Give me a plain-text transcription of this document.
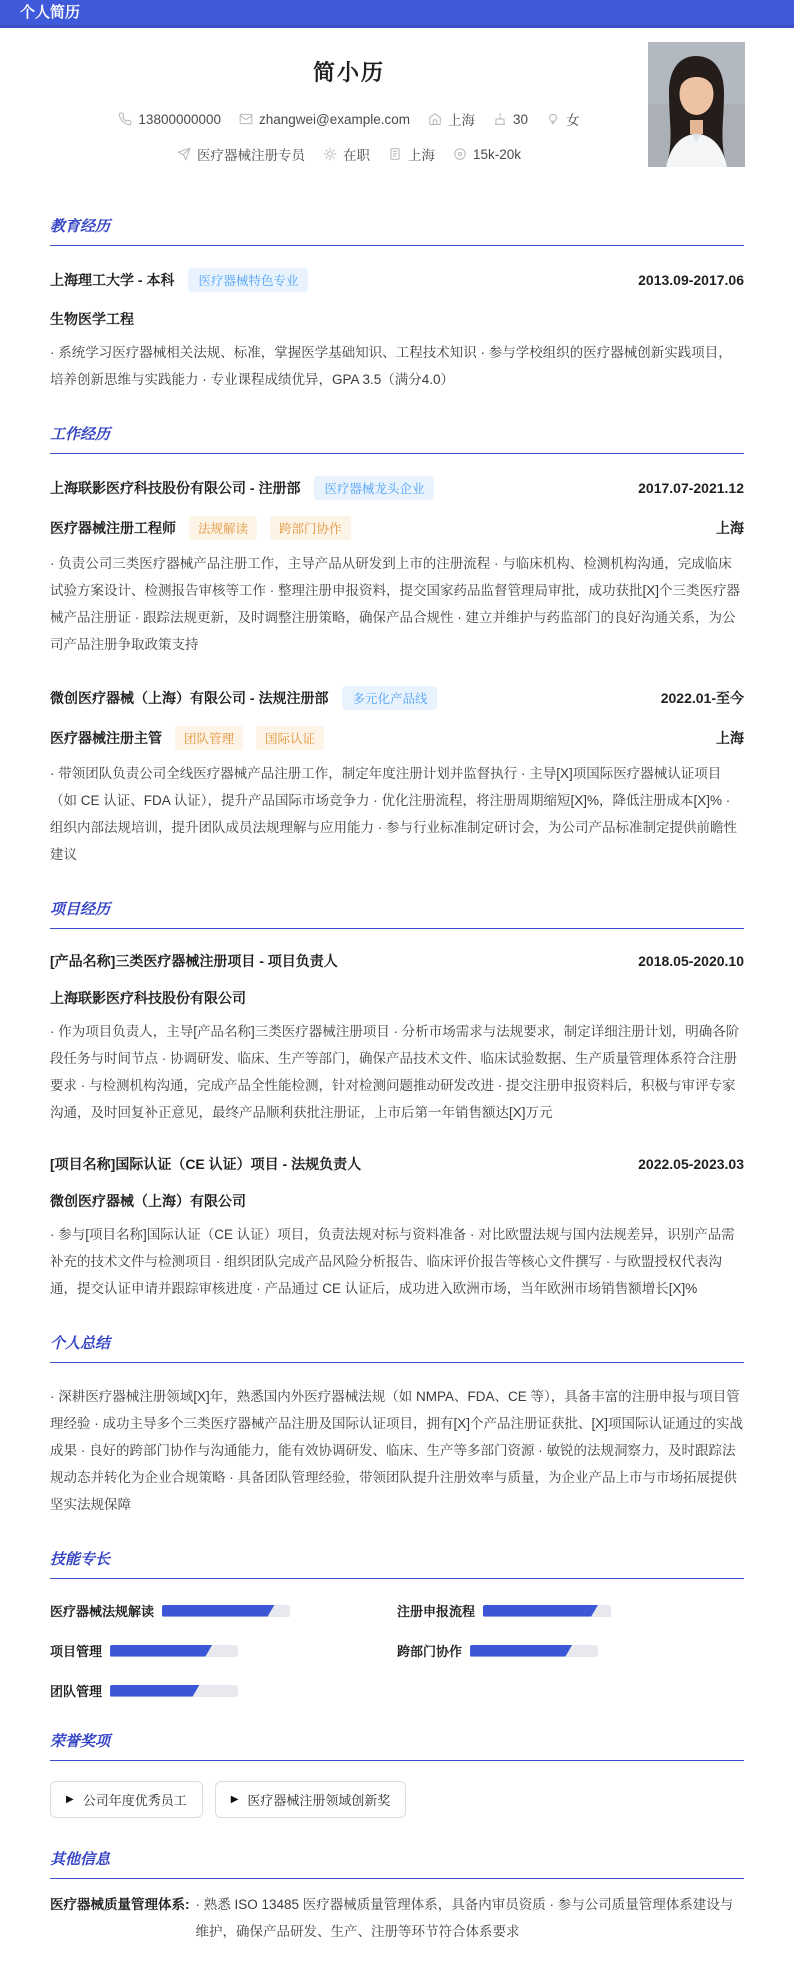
个人简历
简小历
13800000000	zhangwei@example.com	上海	30	女
医疗器械注册专员	在职	上海	15k-20k
教育经历
上海理工大学 - 本科	医疗器械特色专业	2013.09-2017.06
生物医学工程

· 系统学习医疗器械相关法规、标准，掌握医学基础知识、工程技术知识 · 参与学校组织的医疗器械创新实践项目，培养创新思维与实践能力 · 专业课程成绩优异，GPA 3.5（满分4.0）

工作经历
上海联影医疗科技股份有限公司 - 注册部	医疗器械龙头企业	2017.07-2021.12
医疗器械注册工程师	法规解读	跨部门协作	上海

· 负责公司三类医疗器械产品注册工作，主导产品从研发到上市的注册流程 · 与临床机构、检测机构沟通，完成临床试验方案设计、检测报告审核等工作 · 整理注册申报资料，提交国家药品监督管理局审批，成功获批[X]个三类医疗器械产品注册证 · 跟踪法规更新，及时调整注册策略，确保产品合规性 · 建立并维护与药监部门的良好沟通关系，为公司产品注册争取政策支持

微创医疗器械（上海）有限公司 - 法规注册部	多元化产品线	2022.01-至今
医疗器械注册主管	团队管理	国际认证	上海

· 带领团队负责公司全线医疗器械产品注册工作，制定年度注册计划并监督执行 · 主导[X]项国际医疗器械认证项目（如 CE 认证、FDA 认证），提升产品国际市场竞争力 · 优化注册流程，将注册周期缩短[X]%，降低注册成本[X]% · 组织内部法规培训，提升团队成员法规理解与应用能力 · 参与行业标准制定研讨会，为公司产品标准制定提供前瞻性建议

项目经历
[产品名称]三类医疗器械注册项目 - 项目负责人	2018.05-2020.10
上海联影医疗科技股份有限公司

· 作为项目负责人，主导[产品名称]三类医疗器械注册项目 · 分析市场需求与法规要求，制定详细注册计划，明确各阶段任务与时间节点 · 协调研发、临床、生产等部门，确保产品技术文件、临床试验数据、生产质量管理体系符合注册要求 · 与检测机构沟通，完成产品全性能检测，针对检测问题推动研发改进 · 提交注册申报资料后，积极与审评专家沟通，及时回复补正意见，最终产品顺利获批注册证，上市后第一年销售额达[X]万元

[项目名称]国际认证（CE 认证）项目 - 法规负责人	2022.05-2023.03
微创医疗器械（上海）有限公司

· 参与[项目名称]国际认证（CE 认证）项目，负责法规对标与资料准备 · 对比欧盟法规与国内法规差异，识别产品需补充的技术文件与检测项目 · 组织团队完成产品风险分析报告、临床评价报告等核心文件撰写 · 与欧盟授权代表沟通，提交认证申请并跟踪审核进度 · 产品通过 CE 认证后，成功进入欧洲市场，当年欧洲市场销售额增长[X]%

个人总结

· 深耕医疗器械注册领域[X]年，熟悉国内外医疗器械法规（如 NMPA、FDA、CE 等），具备丰富的注册申报与项目管理经验 · 成功主导多个三类医疗器械产品注册及国际认证项目，拥有[X]个产品注册证获批、[X]项国际认证通过的实战成果 · 良好的跨部门协作与沟通能力，能有效协调研发、临床、生产等多部门资源 · 敏锐的法规洞察力，及时跟踪法规动态并转化为企业合规策略 · 具备团队管理经验，带领团队提升注册效率与质量，为企业产品上市与市场拓展提供坚实法规保障

技能专长
医疗器械法规解读	注册申报流程
项目管理	跨部门协作
团队管理
荣誉奖项
▶ 公司年度优秀员工	▶ 医疗器械注册领域创新奖
其他信息
医疗器械质量管理体系: · 熟悉 ISO 13485 医疗器械质量管理体系，具备内审员资质 · 参与公司质量管理体系建设与维护，确保产品研发、生产、注册等环节符合体系要求
